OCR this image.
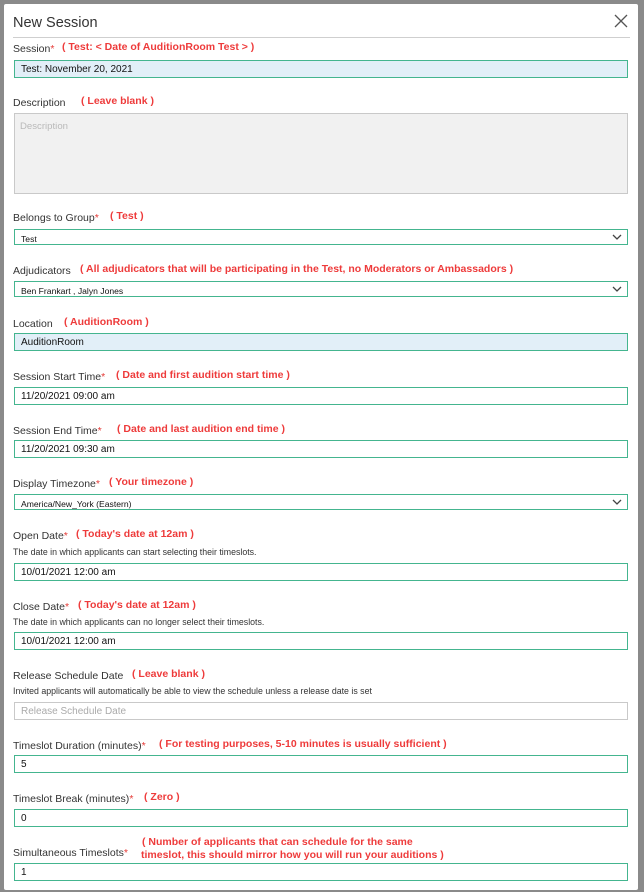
New Session
Session* ( Test: < Date of AuditionRoom Test > )
Test: November 20, 2021
Description ( Leave blank )
Description
Belongs to Group* ( Test )
Test
Adjudicators ( All adjudicators that will be participating in the Test, no Moderators or Ambassadors )
Ben Frankart , Jalyn Jones
Location ( AuditionRoom )
AuditionRoom
Session Start Time* ( Date and first audition start time )
11/20/2021 09:00 am
Session End Time* ( Date and last audition end time )
11/20/2021 09:30 am
Display Timezone* ( Your timezone )
America/New_York (Eastern)
Open Date* ( Today's date at 12am )
The date in which applicants can start selecting their timeslots.
10/01/2021 12:00 am
Close Date* ( Today's date at 12am )
The date in which applicants can no longer select their timeslots.
10/01/2021 12:00 am
Release Schedule Date ( Leave blank )
Invited applicants will automatically be able to view the schedule unless a release date is set
Release Schedule Date
Timeslot Duration (minutes)* ( For testing purposes, 5-10 minutes is usually sufficient )
5
Timeslot Break (minutes)* ( Zero )
0
( Number of applicants that can schedule for the same
Simultaneous Timeslots* timeslot, this should mirror how you will run your auditions )
1
